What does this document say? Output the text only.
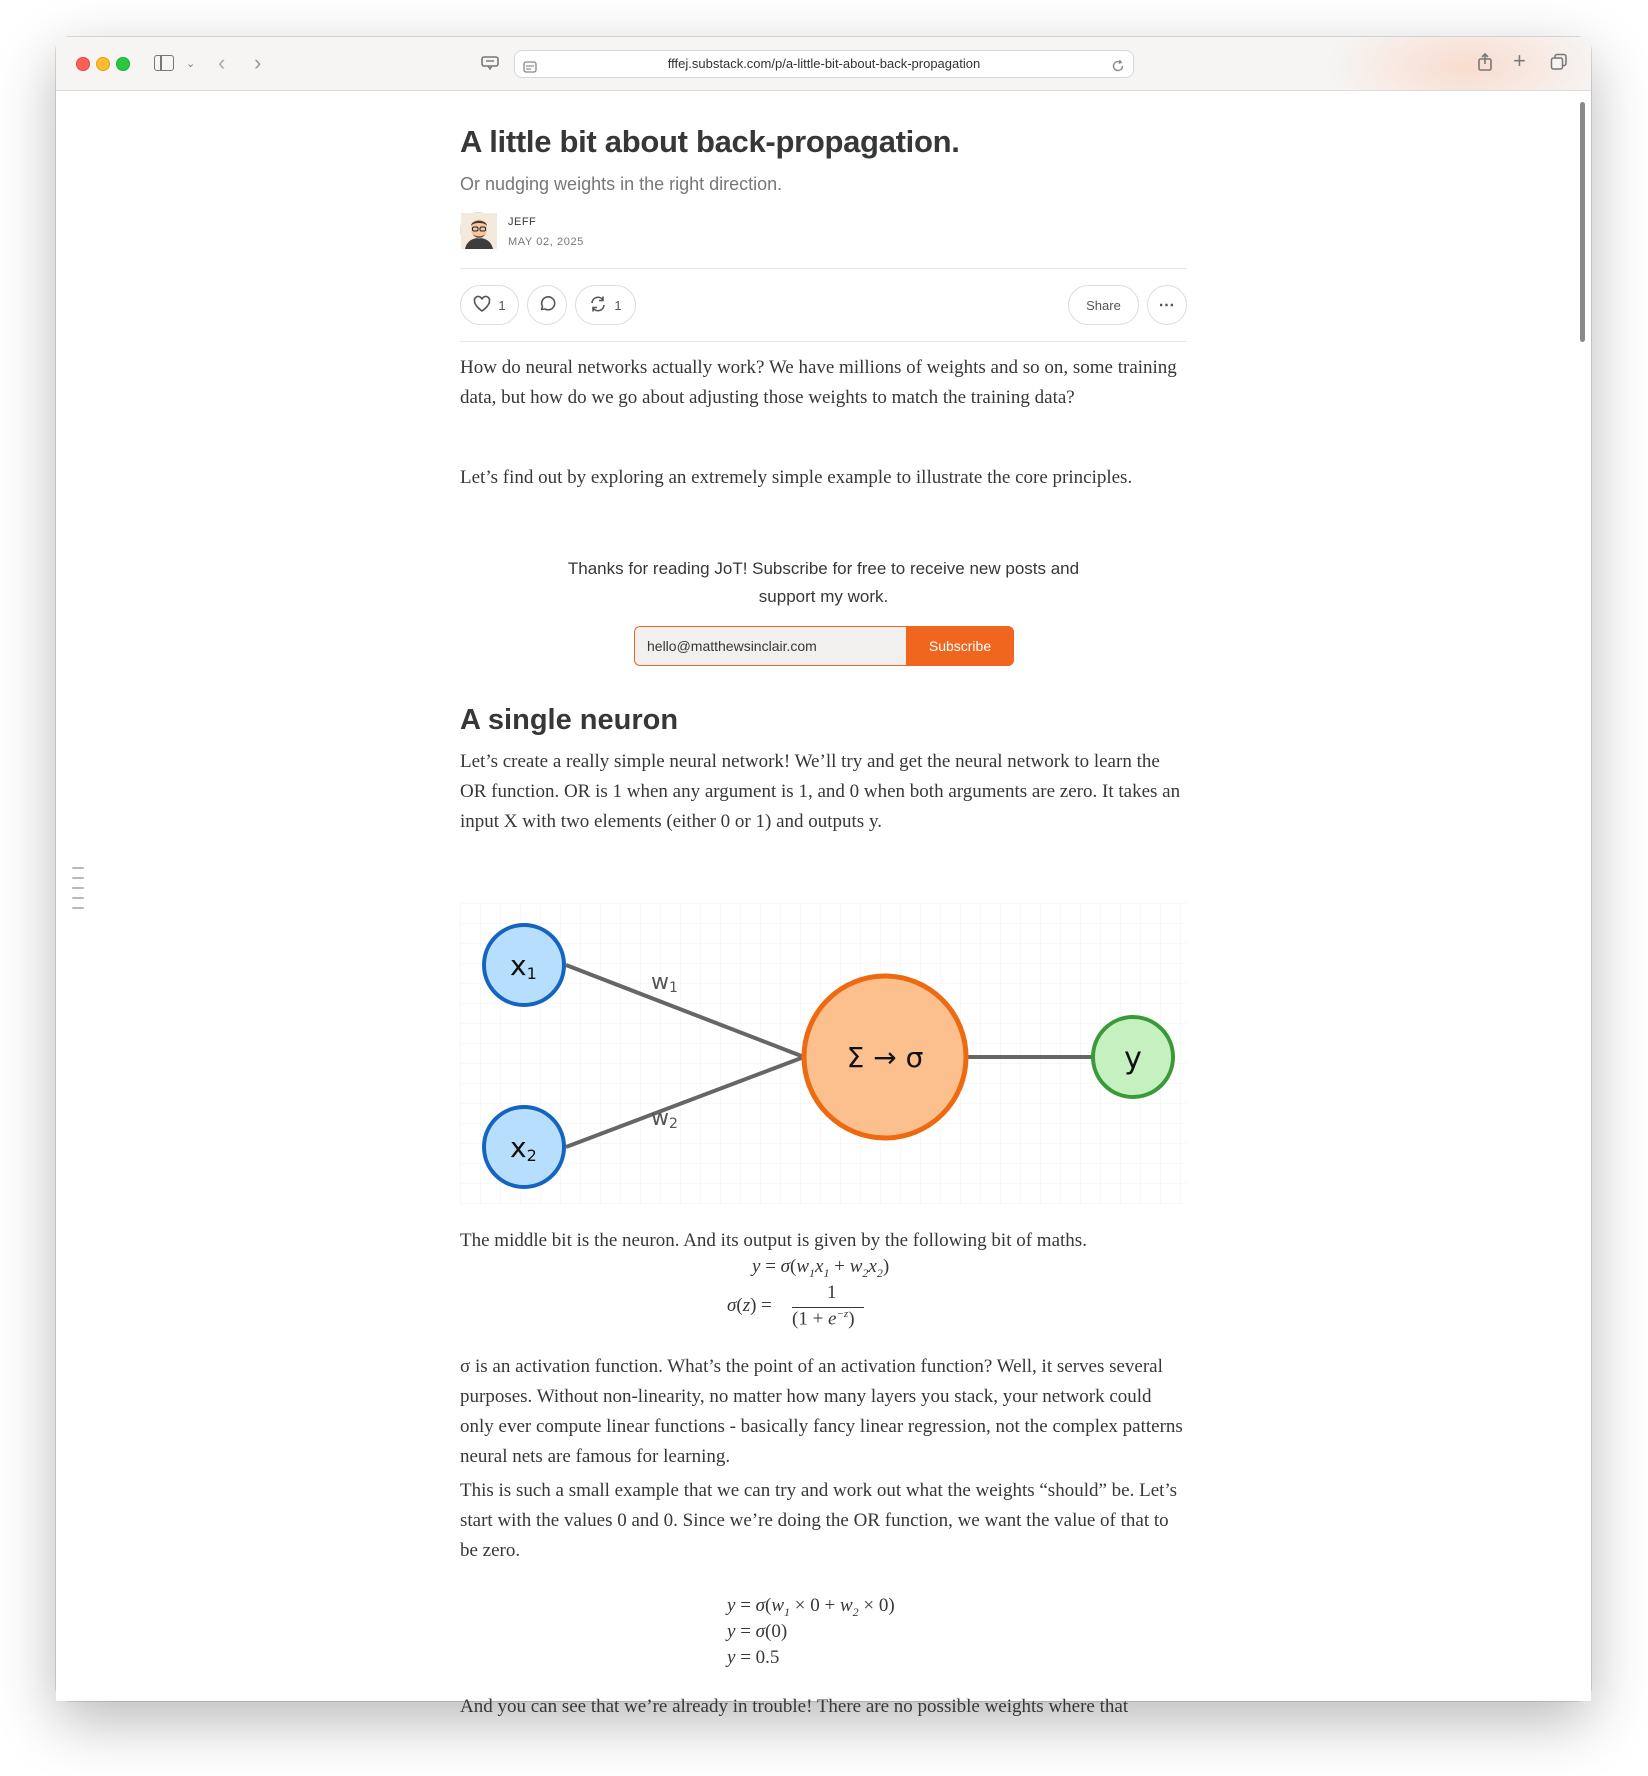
⌄ ‹ ›	fffej.substack.com/p/a-little-bit-about-back-propagation	+
A little bit about back-propagation.
Or nudging weights in the right direction.
JEFF
MAY 02, 2025
1	1	Share ⋯

How do neural networks actually work? We have millions of weights and so on, some training data, but how do we go about adjusting those weights to match the training data?

Let’s find out by exploring an extremely simple example to illustrate the core principles.

Thanks for reading JoT! Subscribe for free to receive new posts and support my work.
hello@matthewsinclair.com
Subscribe
A single neuron

Let’s create a really simple neural network! We’ll try and get the neural network to learn the OR function. OR is 1 when any argument is 1, and 0 when both arguments are zero. It takes an input X with two elements (either 0 or 1) and outputs y.

x1
x2
w1
w2
Σ → σ	y

The middle bit is the neuron. And its output is given by the following bit of maths.

$y = \sigma(w_1x_1 + w_2x_2)$
σ(z) =
1
$(1 + e^{-z})$

σ is an activation function. What’s the point of an activation function? Well, it serves several purposes. Without non-linearity, no matter how many layers you stack, your network could only ever compute linear functions - basically fancy linear regression, not the complex patterns neural nets are famous for learning.

This is such a small example that we can try and work out what the weights “should” be. Let’s start with the values 0 and 0. Since we’re doing the OR function, we want the value of that to be zero.

$y = \sigma(w_1 \times 0 + w_2 \times 0)$
y = σ(0)
y = 0.5

And you can see that we’re already in trouble! There are no possible weights where that
